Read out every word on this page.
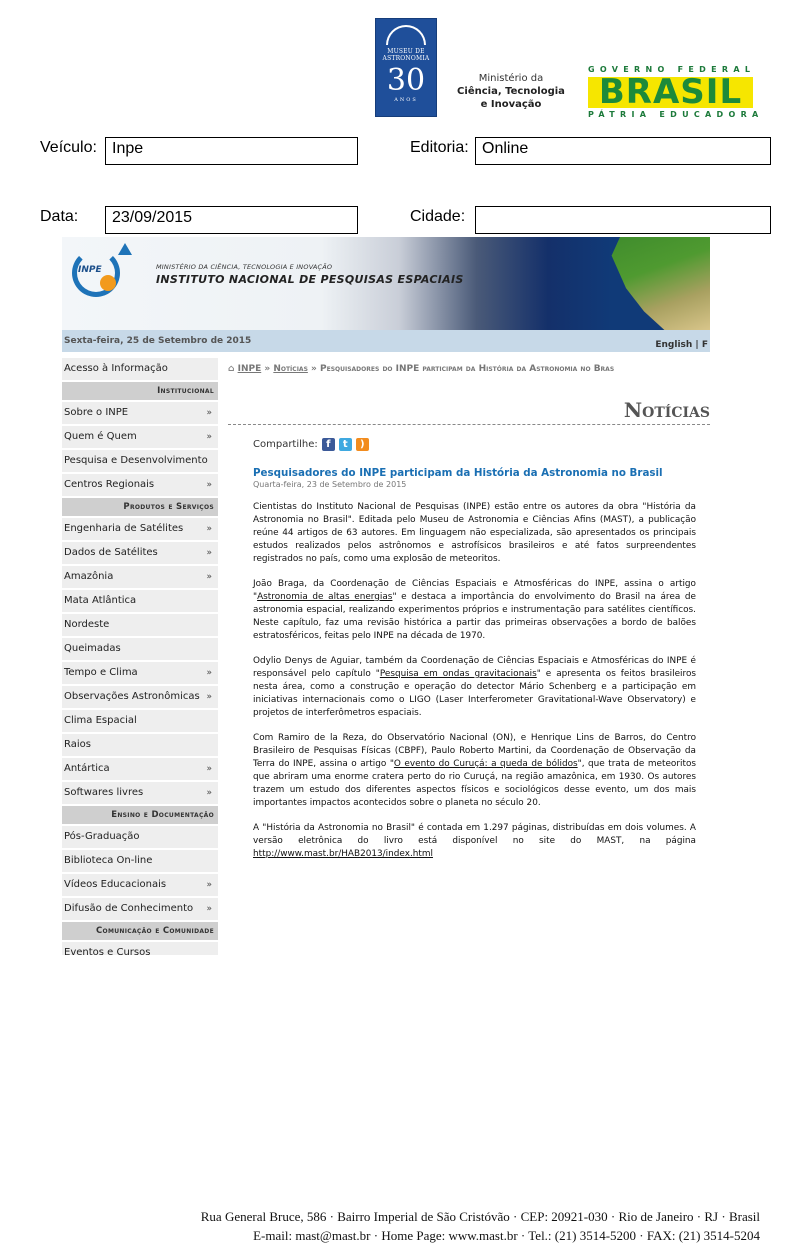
MUSEU DE ASTRONOMIA
30
ANOS
Ministério da
Ciência, Tecnologia
e Inovação
GOVERNO FEDERAL
BRASIL
PÁTRIA EDUCADORA
Veículo: Inpe	Editoria: Online
Data:	23/09/2015	Cidade:
INPE	MINISTÉRIO DA CIÊNCIA, TECNOLOGIA E INOVAÇÃO
INSTITUTO NACIONAL DE PESQUISAS ESPACIAIS
Sexta-feira, 25 de Setembro de 2015	English | F
Acesso à Informação
Institucional
Sobre o INPE	»
Quem é Quem	»
Pesquisa e Desenvolvimento
Centros Regionais	»
Produtos e Serviços
Engenharia de Satélites	»
Dados de Satélites	»
Amazônia	»
Mata Atlântica
Nordeste
Queimadas
Tempo e Clima	»
Observações Astronômicas »
Clima Espacial
Raios
Antártica	»
Softwares livres	»
Ensino e Documentação
Pós-Graduação
Biblioteca On-line
Vídeos Educacionais	»
Difusão de Conhecimento »
Comunicação e Comunidade
Eventos e Cursos
⌂ INPE » Notícias » Pesquisadores do INPE participam da História da Astronomia no Bras
Notícias
Compartilhe: f	t	)
Pesquisadores do INPE participam da História da Astronomia no Brasil
Quarta-feira, 23 de Setembro de 2015
Cientistas do Instituto Nacional de Pesquisas (INPE) estão entre os autores da obra "História da Astronomia no Brasil". Editada pelo Museu de Astronomia e Ciências Afins (MAST), a publicação reúne 44 artigos de 63 autores. Em linguagem não especializada, são apresentados os principais estudos realizados pelos astrônomos e astrofísicos brasileiros e até fatos surpreendentes registrados no país, como uma explosão de meteoritos.
João Braga, da Coordenação de Ciências Espaciais e Atmosféricas do INPE, assina o artigo "Astronomia de altas energias" e destaca a importância do envolvimento do Brasil na área de astronomia espacial, realizando experimentos próprios e instrumentação para satélites científicos. Neste capítulo, faz uma revisão histórica a partir das primeiras observações a bordo de balões estratosféricos, feitas pelo INPE na década de 1970.
Odylio Denys de Aguiar, também da Coordenação de Ciências Espaciais e Atmosféricas do INPE é responsável pelo capítulo "Pesquisa em ondas gravitacionais" e apresenta os feitos brasileiros nesta área, como a construção e operação do detector Mário Schenberg e a participação em iniciativas internacionais como o LIGO (Laser Interferometer Gravitational-Wave Observatory) e projetos de interferômetros espaciais.
Com Ramiro de la Reza, do Observatório Nacional (ON), e Henrique Lins de Barros, do Centro Brasileiro de Pesquisas Físicas (CBPF), Paulo Roberto Martini, da Coordenação de Observação da Terra do INPE, assina o artigo "O evento do Curuçá: a queda de bólidos", que trata de meteoritos que abriram uma enorme cratera perto do rio Curuçá, na região amazônica, em 1930. Os autores trazem um estudo dos diferentes aspectos físicos e sociológicos desse evento, um dos mais importantes impactos acontecidos sobre o planeta no século 20.
A "História da Astronomia no Brasil" é contada em 1.297 páginas, distribuídas em dois volumes. A versão eletrônica do livro está disponível no site do MAST, na página http://www.mast.br/HAB2013/index.html
Rua General Bruce, 586 · Bairro Imperial de São Cristóvão · CEP: 20921-030 · Rio de Janeiro · RJ · Brasil
E-mail: mast@mast.br · Home Page: www.mast.br · Tel.: (21) 3514-5200 · FAX: (21) 3514-5204
